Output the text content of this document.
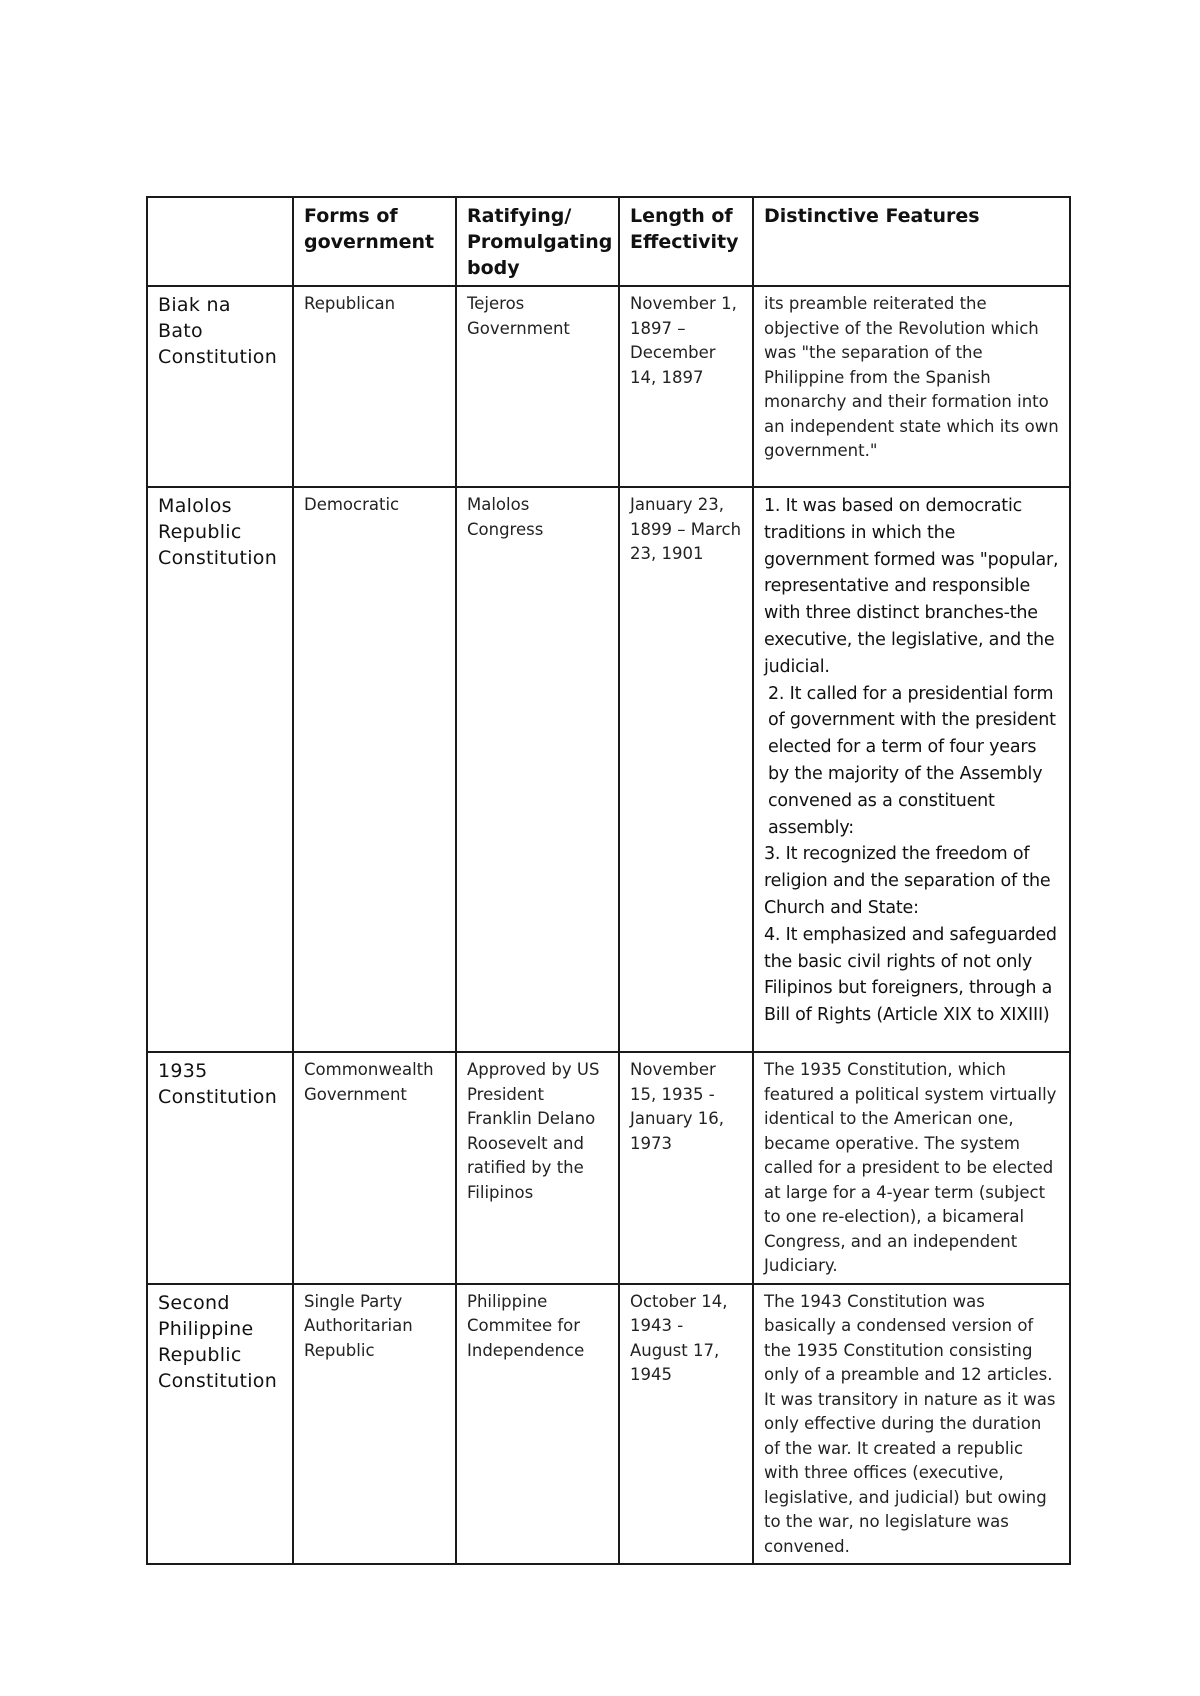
	Forms of government	Ratifying/ Promulgating body	Length of Effectivity	Distinctive Features
Biak na Bato Constitution	Republican	Tejeros Government	November 1, 1897 – December 14, 1897	its preamble reiterated the objective of the Revolution which was "the separation of the Philippine from the Spanish monarchy and their formation into an independent state which its own government."
Malolos Republic Constitution	Democratic	Malolos Congress	January 23, 1899 – March 23, 1901	1. It was based on democratic traditions in which the government formed was "popular, representative and responsible with three distinct branches-the executive, the legislative, and the judicial.
2. It called for a presidential form of government with the president elected for a term of four years by the majority of the Assembly convened as a constituent assembly:
3. It recognized the freedom of religion and the separation of the Church and State:
4. It emphasized and safeguarded the basic civil rights of not only Filipinos but foreigners, through a Bill of Rights (Article XIX to XIXIII)

1935 Constitution	Commonwealth Government	Approved by US President Franklin Delano Roosevelt and ratified by the Filipinos	November 15, 1935 - January 16, 1973	The 1935 Constitution, which featured a political system virtually identical to the American one, became operative. The system called for a president to be elected at large for a 4-year term (subject to one re-election), a bicameral Congress, and an independent Judiciary.
Second Philippine Republic Constitution	Single Party Authoritarian Republic	Philippine Commitee for Independence	October 14, 1943 - August 17, 1945	The 1943 Constitution was basically a condensed version of the 1935 Constitution consisting only of a preamble and 12 articles. It was transitory in nature as it was only effective during the duration of the war. It created a republic with three offices (executive, legislative, and judicial) but owing to the war, no legislature was convened.
